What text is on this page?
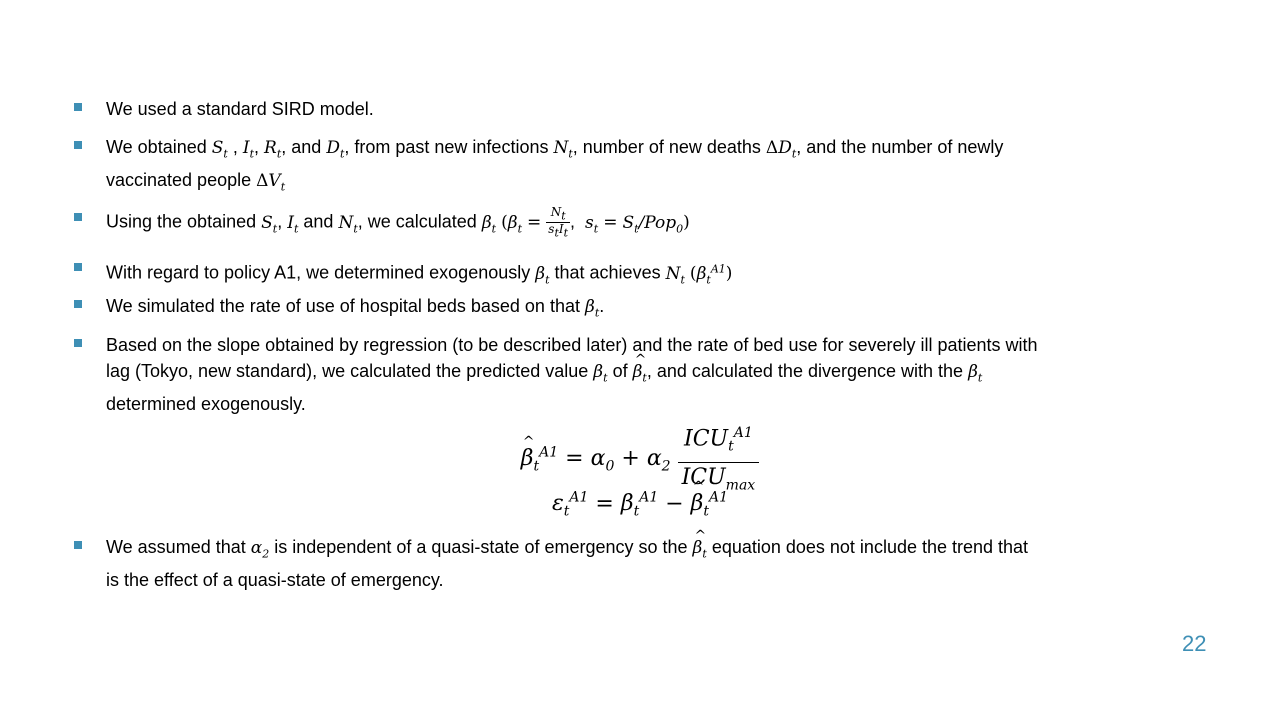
We used a standard SIRD model.
We obtained $S_t$ , $I_t$, $R_t$, and $D_t$, from past new infections $N_t$, number of new deaths $\Delta D_t$, and the number of newly
vaccinated people $\Delta V_t$
Using the obtained $S_t$, $I_t$ and $N_t$, we calculated $\beta_t$ ($\beta_t = \frac{N_t}{s_tI_t}$ ,  $s_t = S_t/Pop_0$)
With regard to policy A1, we determined exogenously $\beta_t$ that achieves $N_t$ $(\beta_t^{A1})$
We simulated the rate of use of hospital beds based on that $\beta_t$.
Based on the slope obtained by regression (to be described later) and the rate of bed use for severely ill patients with
lag (Tokyo, new standard), we calculated the predicted value $\beta_t$ of ^ $\beta_t$, and calculated the divergence with the $\beta_t$
determined exogenously.
^ $\beta_t^{A1} = \alpha_0 + \alpha_2 \frac{ICU_t^{A1}}{ICU_{max}}$
$\varepsilon_t^{A1} = \beta_t^{A1}$ − ^ $\beta_t^{A1}$
We assumed that $\alpha_2$ is independent of a quasi-state of emergency so the ^ $\beta_t$ equation does not include the trend that
is the effect of a quasi-state of emergency.
22
